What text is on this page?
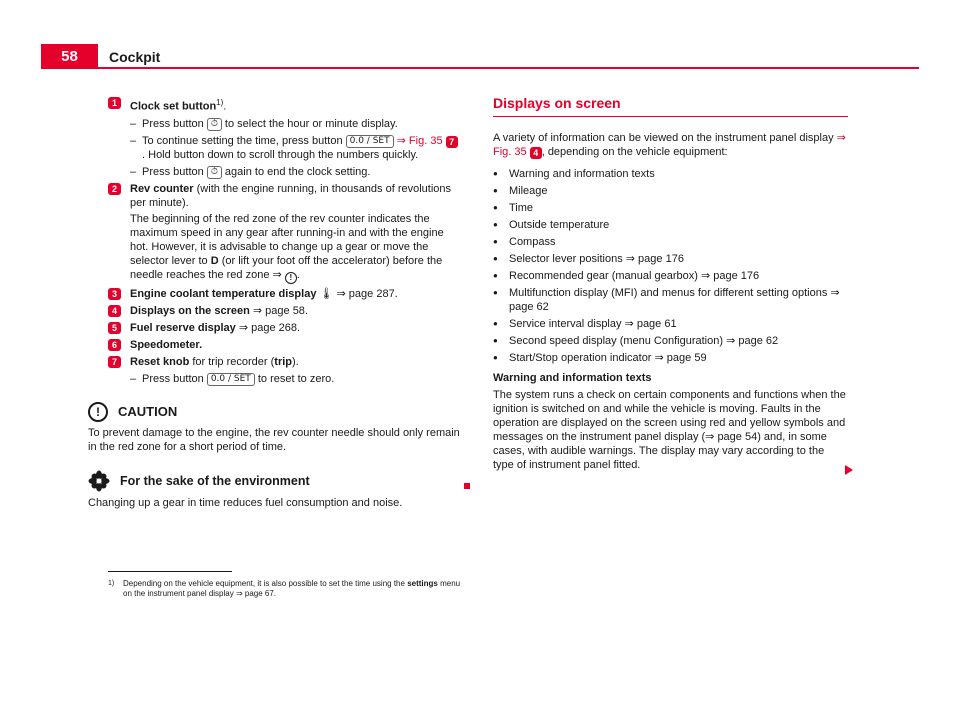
58	Cockpit
1	Clock set button$^{1)}$.
– Press button ⏱ to select the hour or minute display.
– To continue setting the time, press button 0.0 / SET ⇒ Fig. 35 7. Hold button down to scroll through the numbers quickly.
– Press button ⏱ again to end the clock setting.
2	Rev counter (with the engine running, in thousands of revolutions per minute).
The beginning of the red zone of the rev counter indicates the maximum speed in any gear after running-in and with the engine hot. However, it is advisable to change up a gear or move the selector lever to D (or lift your foot off the accelerator) before the needle reaches the red zone ⇒ ! .
3	Engine coolant temperature display 🌡 ⇒ page 287.
4	Displays on the screen ⇒ page 58.
5	Fuel reserve display ⇒ page 268.
6	Speedometer.
7	Reset knob for trip recorder (trip).
– Press button 0.0 / SET to reset to zero.
!	CAUTION
To prevent damage to the engine, the rev counter needle should only remain in the red zone for a short period of time.
For the sake of the environment
Changing up a gear in time reduces fuel consumption and noise.
Displays on screen
A variety of information can be viewed on the instrument panel display ⇒ Fig. 35 4 , depending on the vehicle equipment:
● Warning and information texts
● Mileage
● Time
● Outside temperature
● Compass
● Selector lever positions ⇒ page 176
● Recommended gear (manual gearbox) ⇒ page 176
● Multifunction display (MFI) and menus for different setting options ⇒ page 62
● Service interval display ⇒ page 61
● Second speed display (menu Configuration) ⇒ page 62
● Start/Stop operation indicator ⇒ page 59
Warning and information texts
The system runs a check on certain components and functions when the ignition is switched on and while the vehicle is moving. Faults in the operation are displayed on the screen using red and yellow symbols and messages on the instrument panel display (⇒ page 54) and, in some cases, with audible warnings. The display may vary according to the type of instrument panel fitted.
1)	Depending on the vehicle equipment, it is also possible to set the time using the settings menu on the instrument panel display ⇒ page 67.
